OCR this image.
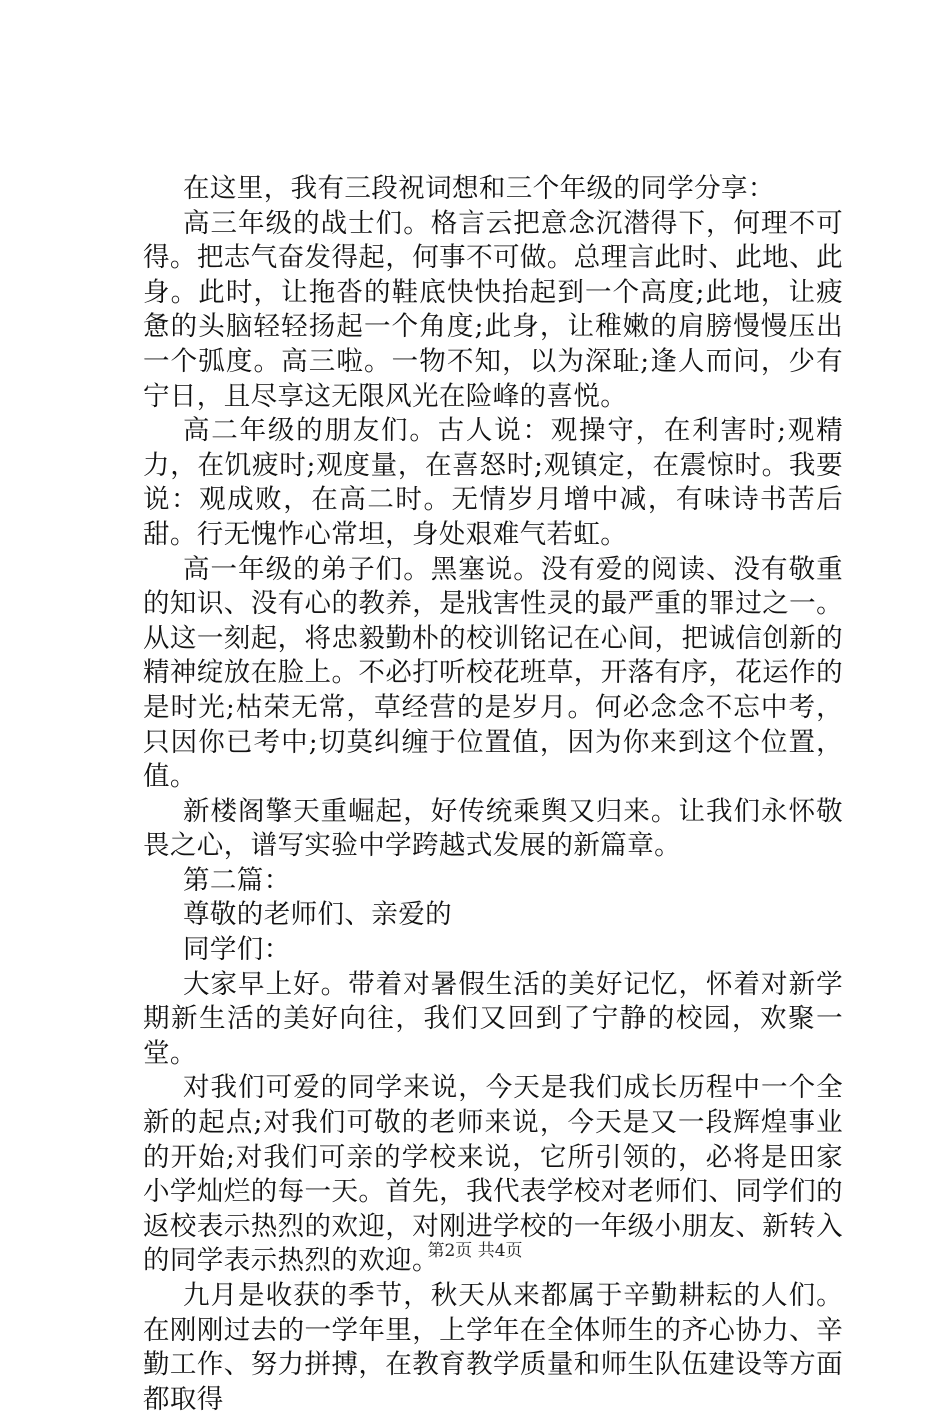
在这里，我有三段祝词想和三个年级的同学分享：

高三年级的战士们。格言云把意念沉潜得下，何理不可得。把志气奋发得起，何事不可做。总理言此时、此地、此身。此时，让拖沓的鞋底快快抬起到一个高度;此地，让疲惫的头脑轻轻扬起一个角度;此身，让稚嫩的肩膀慢慢压出一个弧度。高三啦。一物不知，以为深耻;逢人而问，少有宁日，且尽享这无限风光在险峰的喜悦。

高二年级的朋友们。古人说：观操守，在利害时;观精力，在饥疲时;观度量，在喜怒时;观镇定，在震惊时。我要说：观成败，在高二时。无情岁月增中减，有味诗书苦后甜。行无愧怍心常坦，身处艰难气若虹。

高一年级的弟子们。黑塞说。没有爱的阅读、没有敬重的知识、没有心的教养，是戕害性灵的最严重的罪过之一。从这一刻起，将忠毅勤朴的校训铭记在心间，把诚信创新的精神绽放在脸上。不必打听校花班草，开落有序，花运作的是时光;枯荣无常，草经营的是岁月。何必念念不忘中考，只因你已考中;切莫纠缠于位置值，因为你来到这个位置，值。

新楼阁擎天重崛起，好传统乘舆又归来。让我们永怀敬畏之心，谱写实验中学跨越式发展的新篇章。

第二篇：

尊敬的老师们、亲爱的

同学们：

大家早上好。带着对暑假生活的美好记忆，怀着对新学期新生活的美好向往，我们又回到了宁静的校园，欢聚一堂。

对我们可爱的同学来说，今天是我们成长历程中一个全新的起点;对我们可敬的老师来说，今天是又一段辉煌事业的开始;对我们可亲的学校来说，它所引领的，必将是田家小学灿烂的每一天。首先，我代表学校对老师们、同学们的返校表示热烈的欢迎，对刚进学校的一年级小朋友、新转入的同学表示热烈的欢迎。

九月是收获的季节，秋天从来都属于辛勤耕耘的人们。在刚刚过去的一学年里，上学年在全体师生的齐心协力、辛勤工作、努力拼搏，在教育教学质量和师生队伍建设等方面都取得

第2页 共4页
